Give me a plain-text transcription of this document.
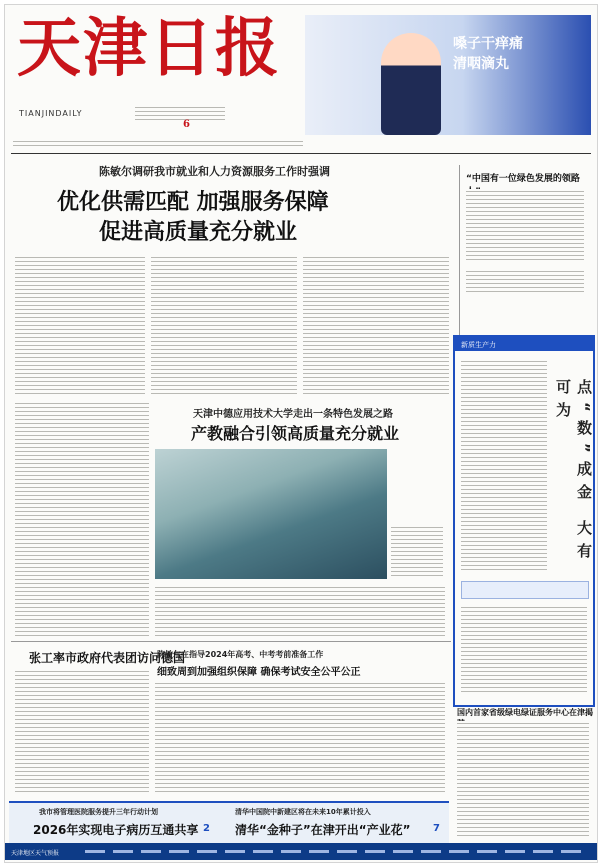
天津日报
TIANJINDAILY
6
嗓子干痒痛
清咽滴丸
陈敏尔调研我市就业和人力资源服务工作时强调
优化供需匹配 加强服务保障
促进高质量充分就业
“中国有一位绿色发展的领路
天津中德应用技术大学走出一条特色发展之路
产教融合引领高质量充分就业
新质生产力
点“数”成金 大有可为
张工率市政府代表团访问德国
陈敏尔在指导2024年高考、中考考前准备工作
细致周到加强组织保障 确保考试安全公平公正
国内首家省级绿电绿证服务中心在津揭
我市将管理医院服务提升三年行动计划
2026年实现电子病历互通共享 2
清华中国院中新建区将在未来10年累计投入
清华“金种子”在津开出“产业花” 7
天津地区天气预报
